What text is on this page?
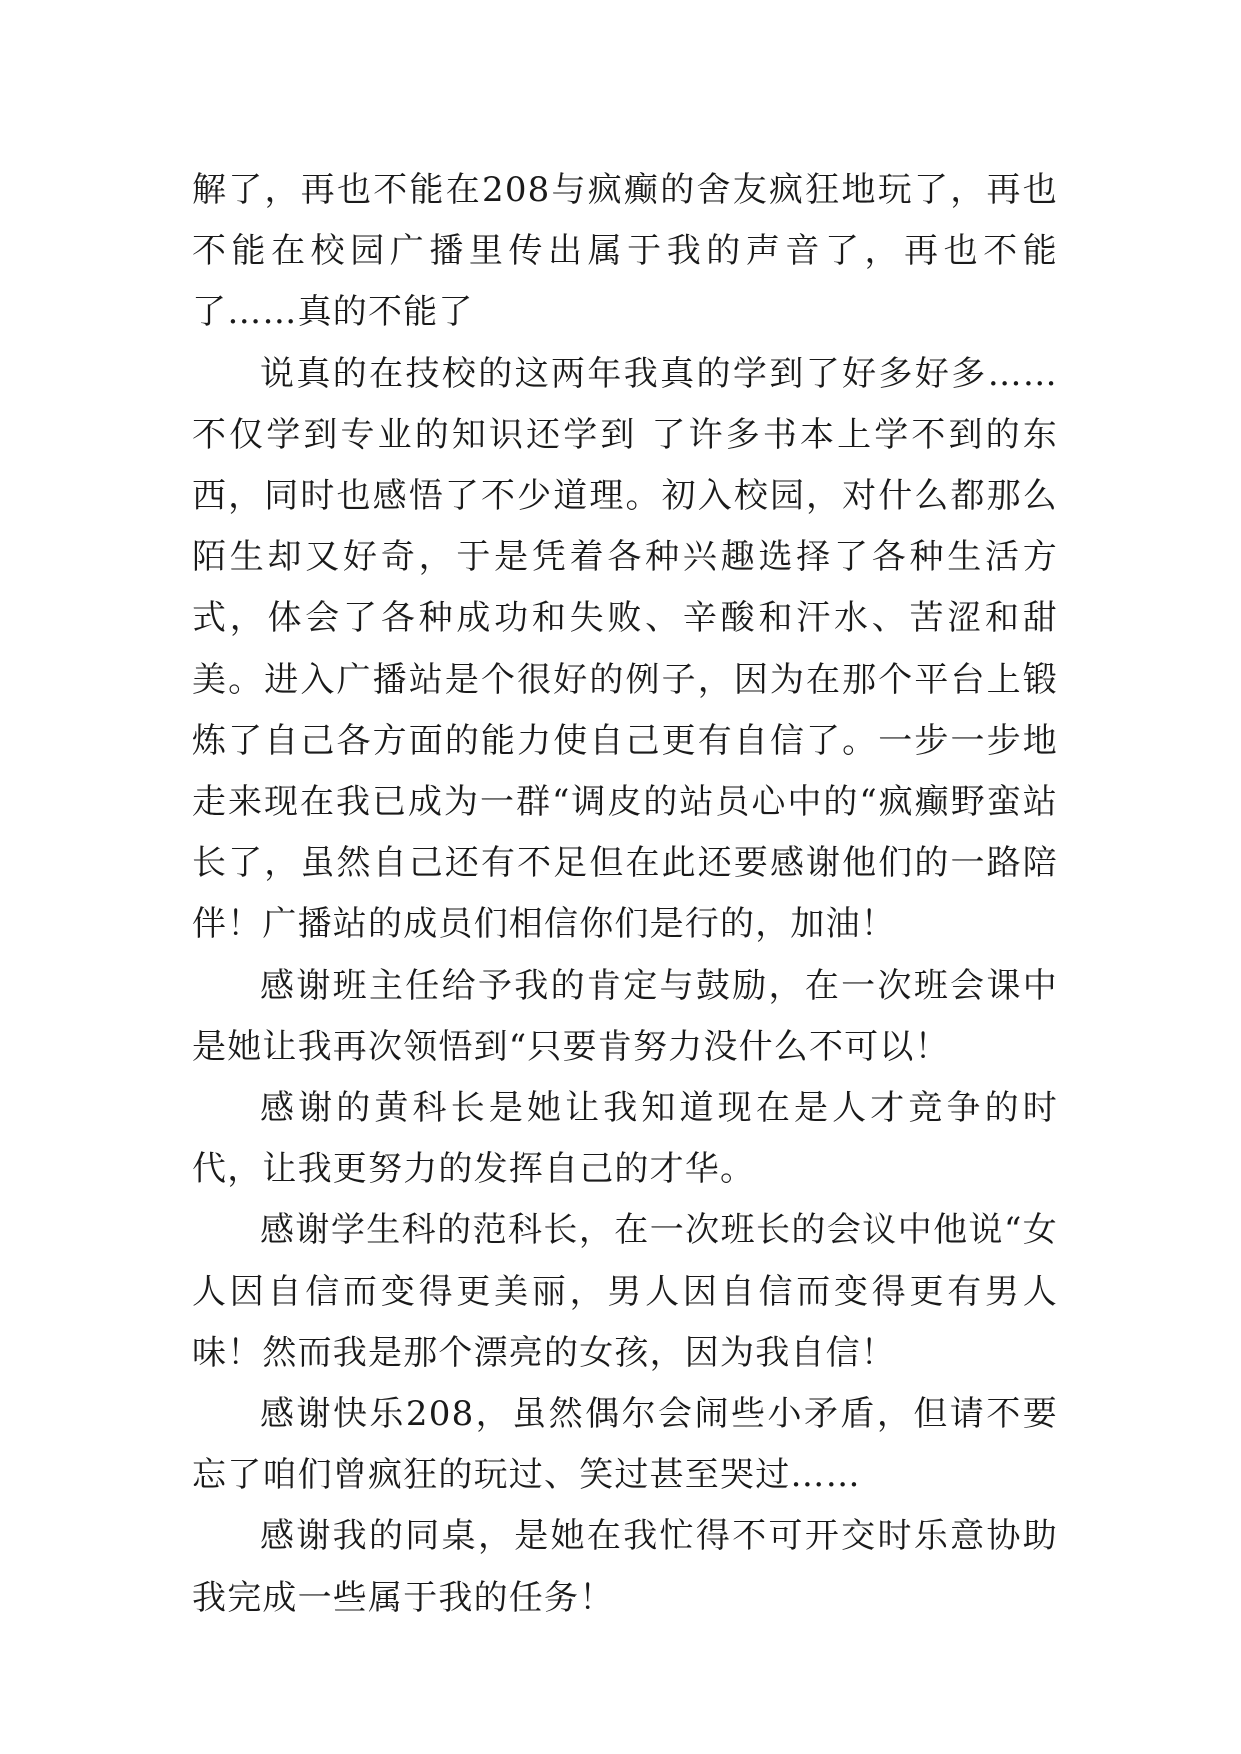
解了，再也不能在208与疯癫的舍友疯狂地玩了，再也不能在校园广播里传出属于我的声音了，再也不能了……真的不能了

说真的在技校的这两年我真的学到了好多好多……不仅学到专业的知识还学到 了许多书本上学不到的东西，同时也感悟了不少道理。初入校园，对什么都那么陌生却又好奇，于是凭着各种兴趣选择了各种生活方式，体会了各种成功和失败、辛酸和汗水、苦涩和甜美。进入广播站是个很好的例子，因为在那个平台上锻炼了自己各方面的能力使自己更有自信了。一步一步地走来现在我已成为一群“调皮的站员心中的“疯癫野蛮站长了，虽然自己还有不足但在此还要感谢他们的一路陪伴！广播站的成员们相信你们是行的，加油！

感谢班主任给予我的肯定与鼓励，在一次班会课中是她让我再次领悟到“只要肯努力没什么不可以！

感谢的黄科长是她让我知道现在是人才竞争的时代，让我更努力的发挥自己的才华。

感谢学生科的范科长，在一次班长的会议中他说“女人因自信而变得更美丽，男人因自信而变得更有男人味！然而我是那个漂亮的女孩，因为我自信！

感谢快乐208，虽然偶尔会闹些小矛盾，但请不要忘了咱们曾疯狂的玩过、笑过甚至哭过……

感谢我的同桌，是她在我忙得不可开交时乐意协助我完成一些属于我的任务！
